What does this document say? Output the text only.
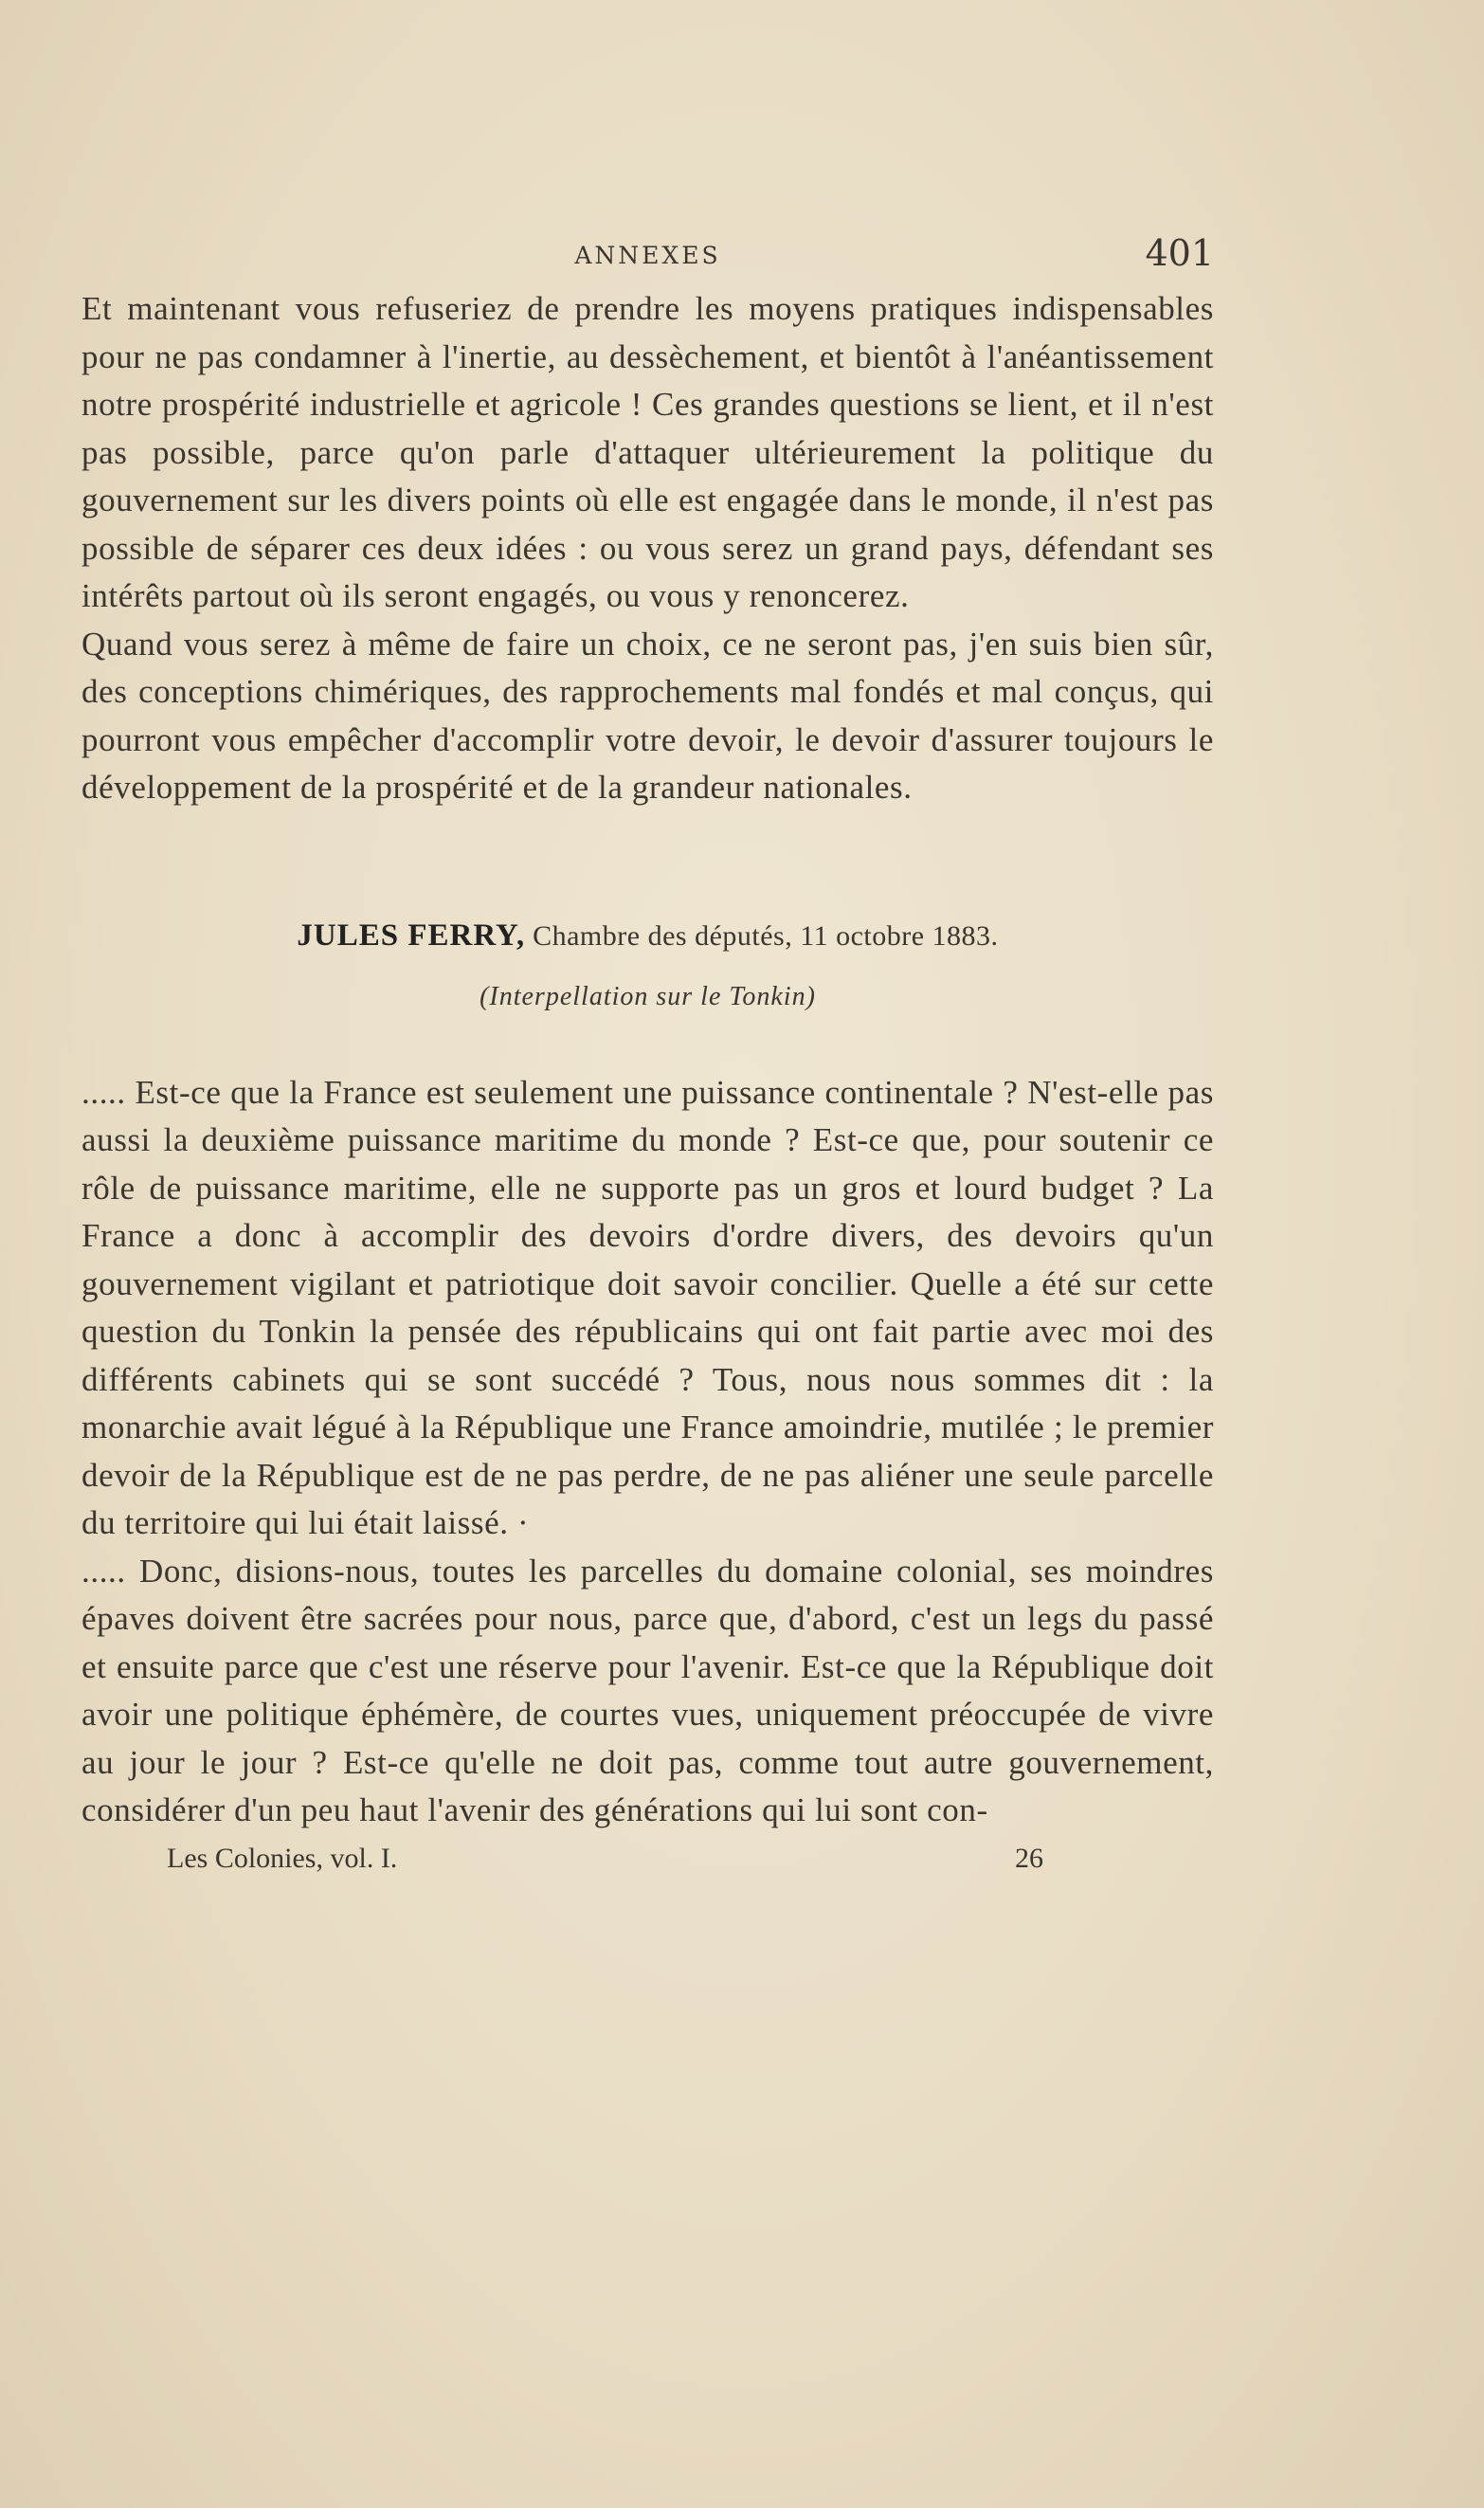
ANNEXES	401

Et maintenant vous refuseriez de prendre les moyens pratiques indispensables pour ne pas condamner à l'inertie, au dessèchement, et bientôt à l'anéantissement notre prospérité industrielle et agricole ! Ces grandes questions se lient, et il n'est pas possible, parce qu'on parle d'attaquer ultérieurement la politique du gouvernement sur les divers points où elle est engagée dans le monde, il n'est pas possible de séparer ces deux idées : ou vous serez un grand pays, défendant ses intérêts partout où ils seront engagés, ou vous y renoncerez.

Quand vous serez à même de faire un choix, ce ne seront pas, j'en suis bien sûr, des conceptions chimériques, des rapprochements mal fondés et mal conçus, qui pourront vous empêcher d'accomplir votre devoir, le devoir d'assurer toujours le développement de la prospérité et de la grandeur nationales.

JULES FERRY, Chambre des députés, 11 octobre 1883.
(Interpellation sur le Tonkin)

..... Est-ce que la France est seulement une puissance continentale ? N'est-elle pas aussi la deuxième puissance maritime du monde ? Est-ce que, pour soutenir ce rôle de puissance maritime, elle ne supporte pas un gros et lourd budget ? La France a donc à accomplir des devoirs d'ordre divers, des devoirs qu'un gouvernement vigilant et patriotique doit savoir concilier. Quelle a été sur cette question du Tonkin la pensée des républicains qui ont fait partie avec moi des différents cabinets qui se sont succédé ? Tous, nous nous sommes dit : la monarchie avait légué à la République une France amoindrie, mutilée ; le premier devoir de la République est de ne pas perdre, de ne pas aliéner une seule parcelle du territoire qui lui était laissé. ·

..... Donc, disions-nous, toutes les parcelles du domaine colonial, ses moindres épaves doivent être sacrées pour nous, parce que, d'abord, c'est un legs du passé et ensuite parce que c'est une réserve pour l'avenir. Est-ce que la République doit avoir une politique éphémère, de courtes vues, uniquement préoccupée de vivre au jour le jour ? Est-ce qu'elle ne doit pas, comme tout autre gouvernement, considérer d'un peu haut l'avenir des générations qui lui sont con-

Les Colonies, vol. I.	26
